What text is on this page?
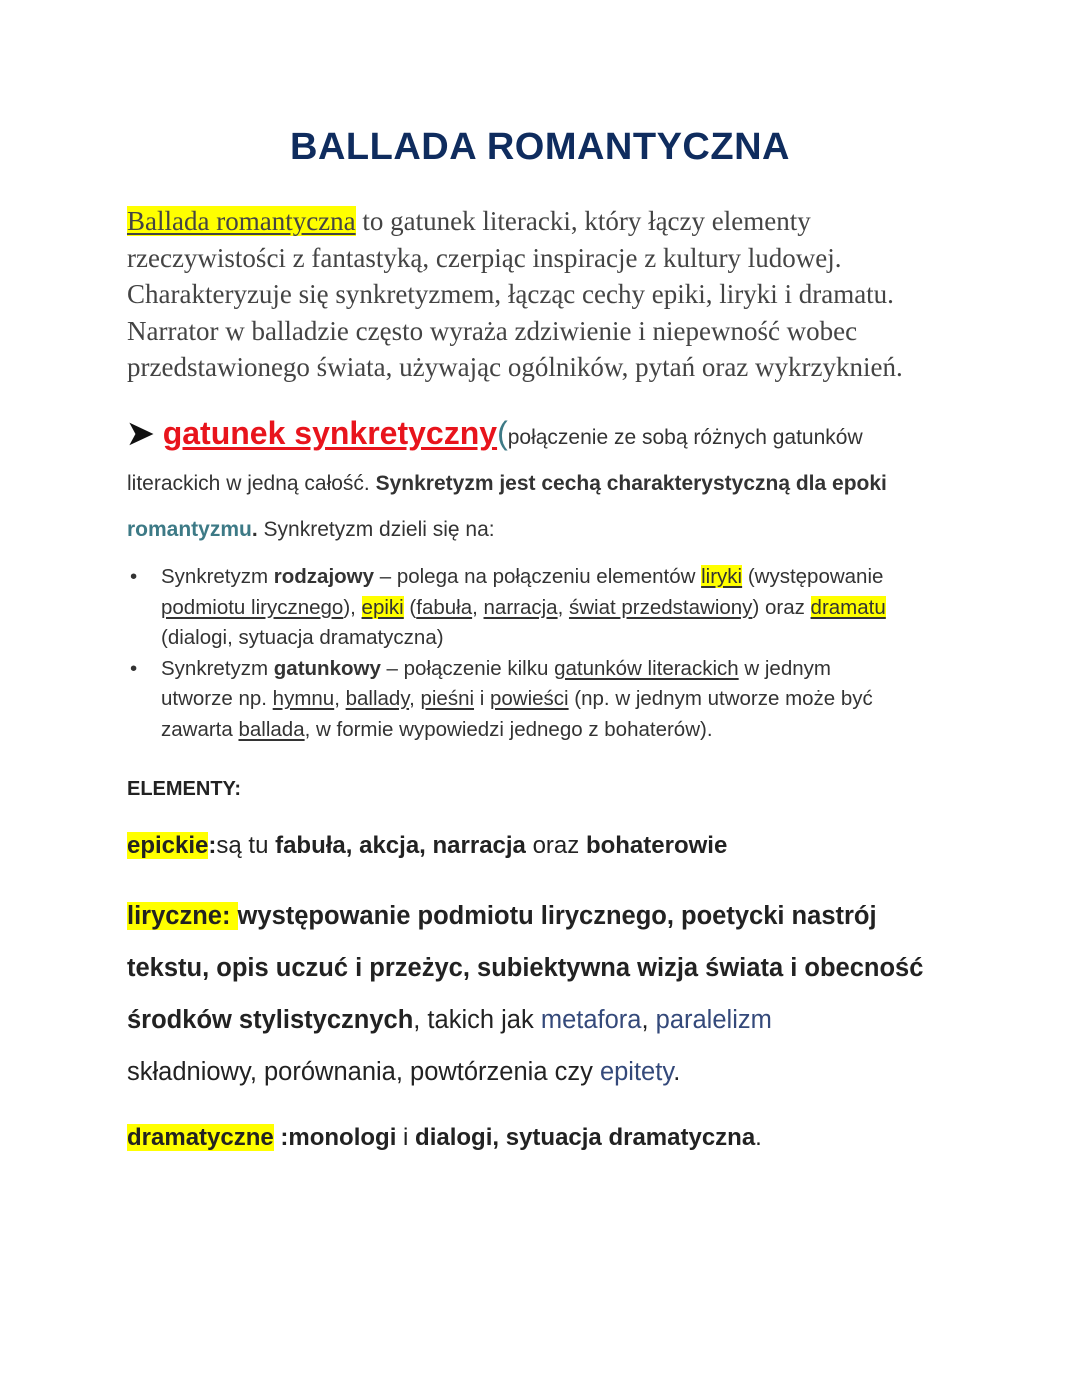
BALLADA ROMANTYCZNA
Ballada romantyczna to gatunek literacki, który łączy elementy
rzeczywistości z fantastyką, czerpiąc inspiracje z kultury ludowej.
Charakteryzuje się synkretyzmem, łącząc cechy epiki, liryki i dramatu.
Narrator w balladzie często wyraża zdziwienie i niepewność wobec
przedstawionego świata, używając ogólników, pytań oraz wykrzyknień.
➤ gatunek synkretyczny(połączenie ze sobą różnych gatunków
literackich w jedną całość. Synkretyzm jest cechą charakterystyczną dla epoki
romantyzmu. Synkretyzm dzieli się na:
• Synkretyzm rodzajowy – polega na połączeniu elementów liryki (występowanie
podmiotu lirycznego), epiki (fabuła, narracja, świat przedstawiony) oraz dramatu
(dialogi, sytuacja dramatyczna)
• Synkretyzm gatunkowy – połączenie kilku gatunków literackich w jednym
utworze np. hymnu, ballady, pieśni i powieści (np. w jednym utworze może być
zawarta ballada, w formie wypowiedzi jednego z bohaterów).
ELEMENTY:
epickie:są tu fabuła, akcja, narracja oraz bohaterowie
liryczne: występowanie podmiotu lirycznego, poetycki nastrój
tekstu, opis uczuć i przeżyc, subiektywna wizja świata i obecność
środków stylistycznych, takich jak metafora, paralelizm
składniowy, porównania, powtórzenia czy epitety.
dramatyczne :monologi i dialogi, sytuacja dramatyczna.
